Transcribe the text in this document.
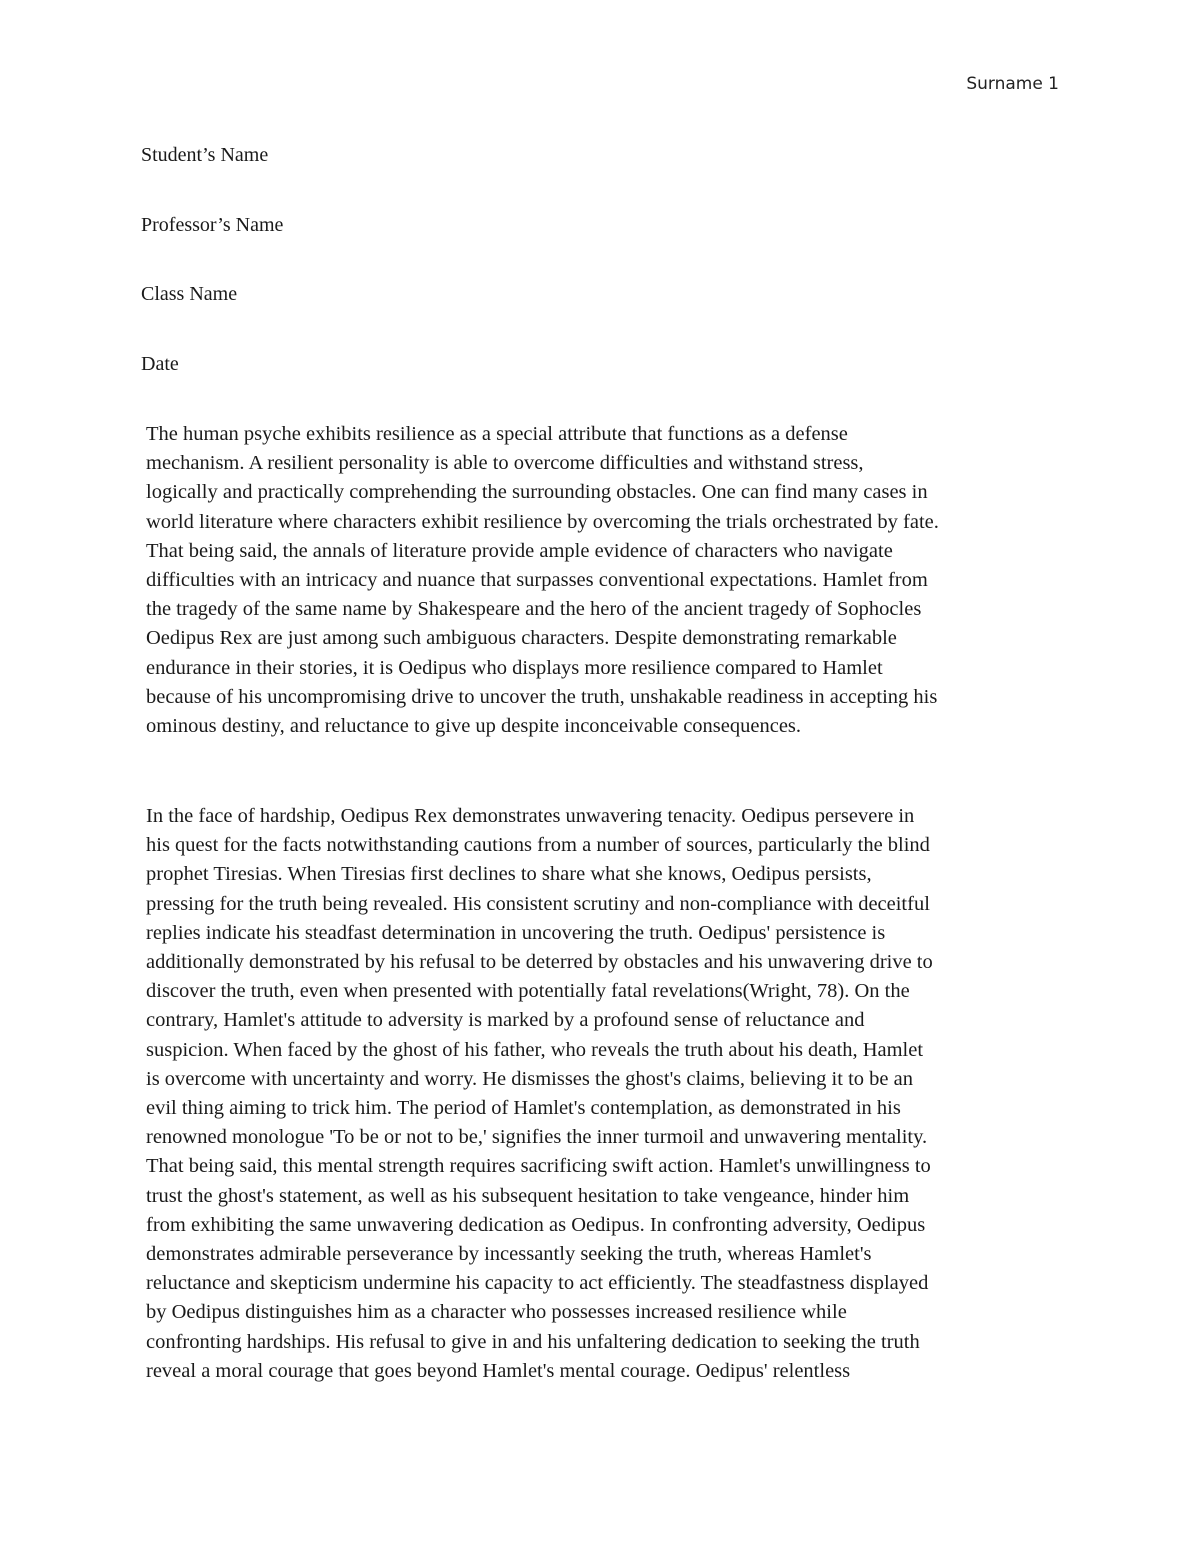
Surname 1
Student’s Name
Professor’s Name
Class Name
Date
The human psyche exhibits resilience as a special attribute that functions as a defense
mechanism. A resilient personality is able to overcome difficulties and withstand stress,
logically and practically comprehending the surrounding obstacles. One can find many cases in
world literature where characters exhibit resilience by overcoming the trials orchestrated by fate.
That being said, the annals of literature provide ample evidence of characters who navigate
difficulties with an intricacy and nuance that surpasses conventional expectations. Hamlet from
the tragedy of the same name by Shakespeare and the hero of the ancient tragedy of Sophocles
Oedipus Rex are just among such ambiguous characters. Despite demonstrating remarkable
endurance in their stories, it is Oedipus who displays more resilience compared to Hamlet
because of his uncompromising drive to uncover the truth, unshakable readiness in accepting his
ominous destiny, and reluctance to give up despite inconceivable consequences.
In the face of hardship, Oedipus Rex demonstrates unwavering tenacity. Oedipus persevere in
his quest for the facts notwithstanding cautions from a number of sources, particularly the blind
prophet Tiresias. When Tiresias first declines to share what she knows, Oedipus persists,
pressing for the truth being revealed. His consistent scrutiny and non-compliance with deceitful
replies indicate his steadfast determination in uncovering the truth. Oedipus' persistence is
additionally demonstrated by his refusal to be deterred by obstacles and his unwavering drive to
discover the truth, even when presented with potentially fatal revelations(Wright, 78). On the
contrary, Hamlet's attitude to adversity is marked by a profound sense of reluctance and
suspicion. When faced by the ghost of his father, who reveals the truth about his death, Hamlet
is overcome with uncertainty and worry. He dismisses the ghost's claims, believing it to be an
evil thing aiming to trick him. The period of Hamlet's contemplation, as demonstrated in his
renowned monologue 'To be or not to be,' signifies the inner turmoil and unwavering mentality.
That being said, this mental strength requires sacrificing swift action. Hamlet's unwillingness to
trust the ghost's statement, as well as his subsequent hesitation to take vengeance, hinder him
from exhibiting the same unwavering dedication as Oedipus. In confronting adversity, Oedipus
demonstrates admirable perseverance by incessantly seeking the truth, whereas Hamlet's
reluctance and skepticism undermine his capacity to act efficiently. The steadfastness displayed
by Oedipus distinguishes him as a character who possesses increased resilience while
confronting hardships. His refusal to give in and his unfaltering dedication to seeking the truth
reveal a moral courage that goes beyond Hamlet's mental courage. Oedipus' relentless
